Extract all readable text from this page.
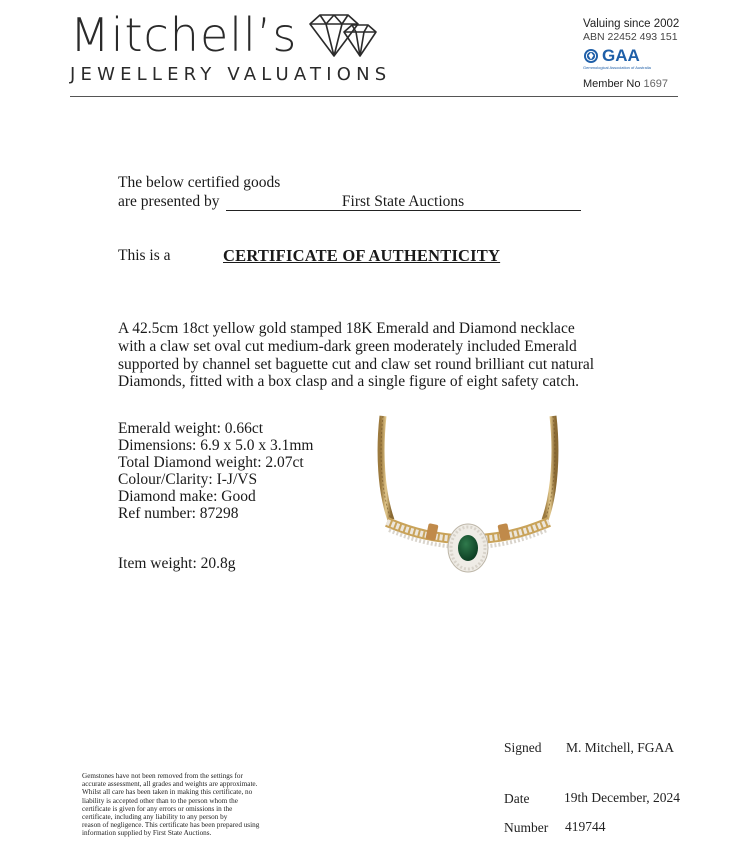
Mitchell’s
JEWELLERY VALUATIONS
Valuing since 2002
ABN 22452 493 151
GAA
Gemmological Association of Australia
Member No 1697
The below certified goods
are presented by	First State Auctions
This is a	CERTIFICATE OF AUTHENTICITY
A 42.5cm 18ct yellow gold stamped 18K Emerald and Diamond necklace
with a claw set oval cut medium-dark green moderately included Emerald
supported by channel set baguette cut and claw set round brilliant cut natural
Diamonds, fitted with a box clasp and a single figure of eight safety catch.
Emerald weight: 0.66ct
Dimensions: 6.9 x 5.0 x 3.1mm
Total Diamond weight: 2.07ct
Colour/Clarity: I-J/VS
Diamond make: Good
Ref number: 87298
Item weight: 20.8g
Gemstones have not been removed from the settings for
accurate assessment, all grades and weights are approximate.
Whilst all care has been taken in making this certificate, no
liability is accepted other than to the person whom the
certificate is given for any errors or omissions in the
certificate, including any liability to any person by
reason of negligence. This certificate has been prepared using
information supplied by First State Auctions.
Signed M. Mitchell, FGAA
Date	19th December, 2024
Number 419744
